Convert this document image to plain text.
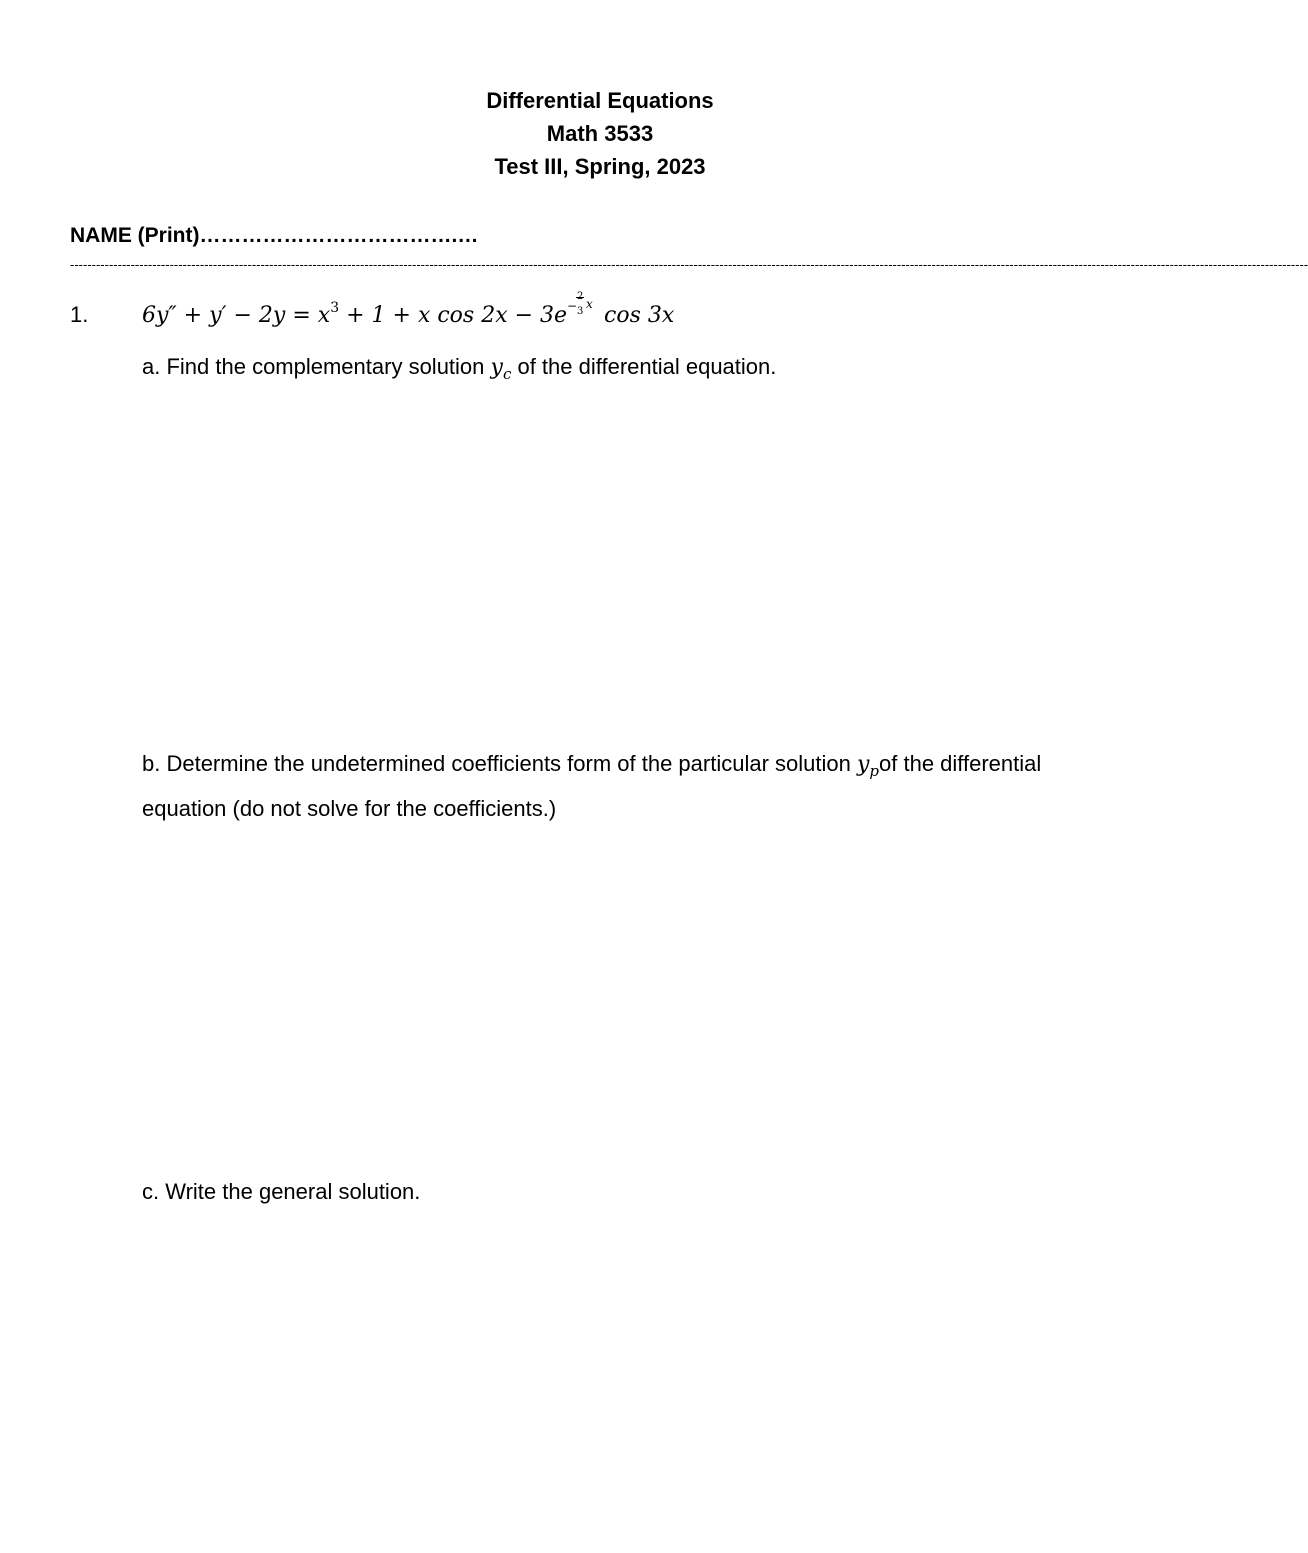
Differential Equations
Math 3533
Test III, Spring, 2023
NAME (Print)……………………………….…
----------------------------------------------------------------------------------------------------------------------------------------------------------------------------------------------------------------------------------------------------------------------------------------------
1. $6y'' + y' - 2y = x^3 + 1 + x$ cos 2x − 3e − 3
x cos 3x
a. Find the complementary solution $y_c$ of the differential equation.
b. Determine the undetermined coefficients form of the particular solution $y_pof$ the differential equation (do not solve for the coefficients.)
c. Write the general solution.
